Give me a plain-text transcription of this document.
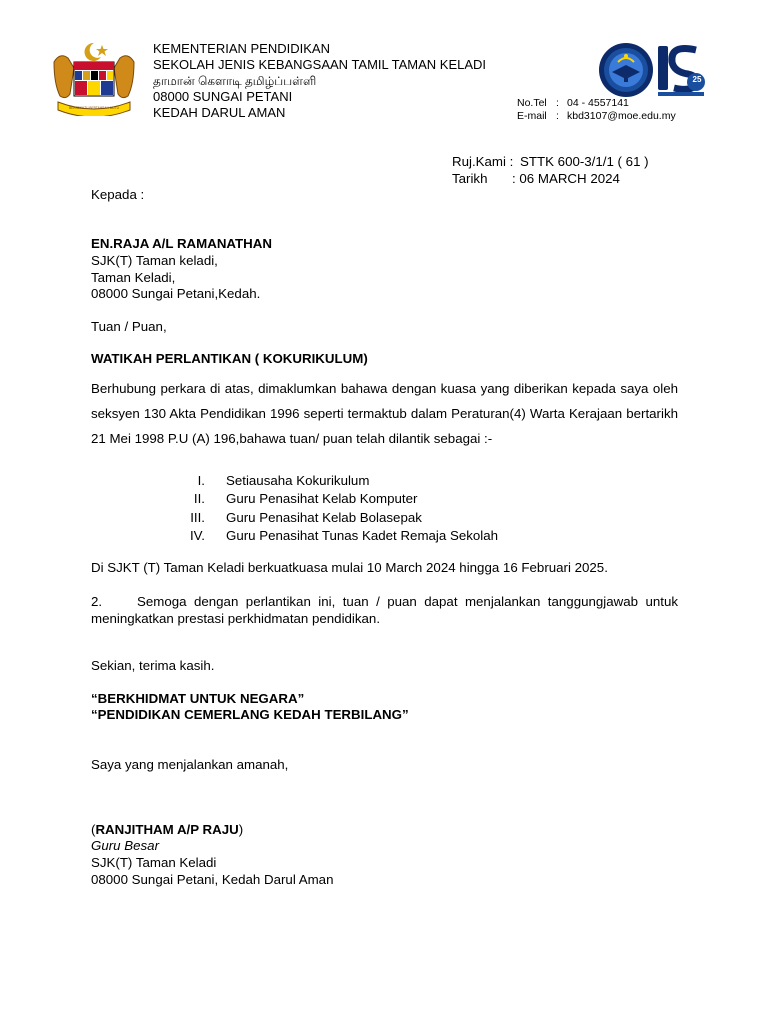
BERSEKUTU BERTAMBAH MUTU
KEMENTERIAN PENDIDIKAN
SEKOLAH JENIS KEBANGSAAN TAMIL TAMAN KELADI
தாமான் கெளாடி தமிழ்ப்பள்ளி
08000 SUNGAI PETANI
KEDAH DARUL AMAN
25
No.Tel : 04 - 4557141
E-mail : kbd3107@moe.edu.my
Ruj.Kami : STTK 600-3/1/1 ( 61 )
Tarikh : 06 MARCH 2024
Kepada :
EN.RAJA A/L RAMANATHAN
SJK(T) Taman keladi,
Taman Keladi,
08000 Sungai Petani,Kedah.
Tuan / Puan,
WATIKAH PERLANTIKAN ( KOKURIKULUM)
Berhubung perkara di atas, dimaklumkan bahawa dengan kuasa yang diberikan kepada saya oleh seksyen 130 Akta Pendidikan 1996 seperti termaktub dalam Peraturan(4) Warta Kerajaan bertarikh 21 Mei 1998 P.U (A) 196,bahawa tuan/ puan telah dilantik sebagai :-
I. Setiausaha Kokurikulum
II. Guru Penasihat Kelab Komputer
III. Guru Penasihat Kelab Bolasepak
IV. Guru Penasihat Tunas Kadet Remaja Sekolah
Di SJKT (T) Taman Keladi berkuatkuasa mulai 10 March 2024 hingga 16 Februari 2025.
2.	Semoga dengan perlantikan ini, tuan / puan dapat menjalankan tanggungjawab untuk meningkatkan prestasi perkhidmatan pendidikan.
Sekian, terima kasih.
“BERKHIDMAT UNTUK NEGARA”
“PENDIDIKAN CEMERLANG KEDAH TERBILANG”
Saya yang menjalankan amanah,
(RANJITHAM A/P RAJU)
Guru Besar
SJK(T) Taman Keladi
08000 Sungai Petani, Kedah Darul Aman
